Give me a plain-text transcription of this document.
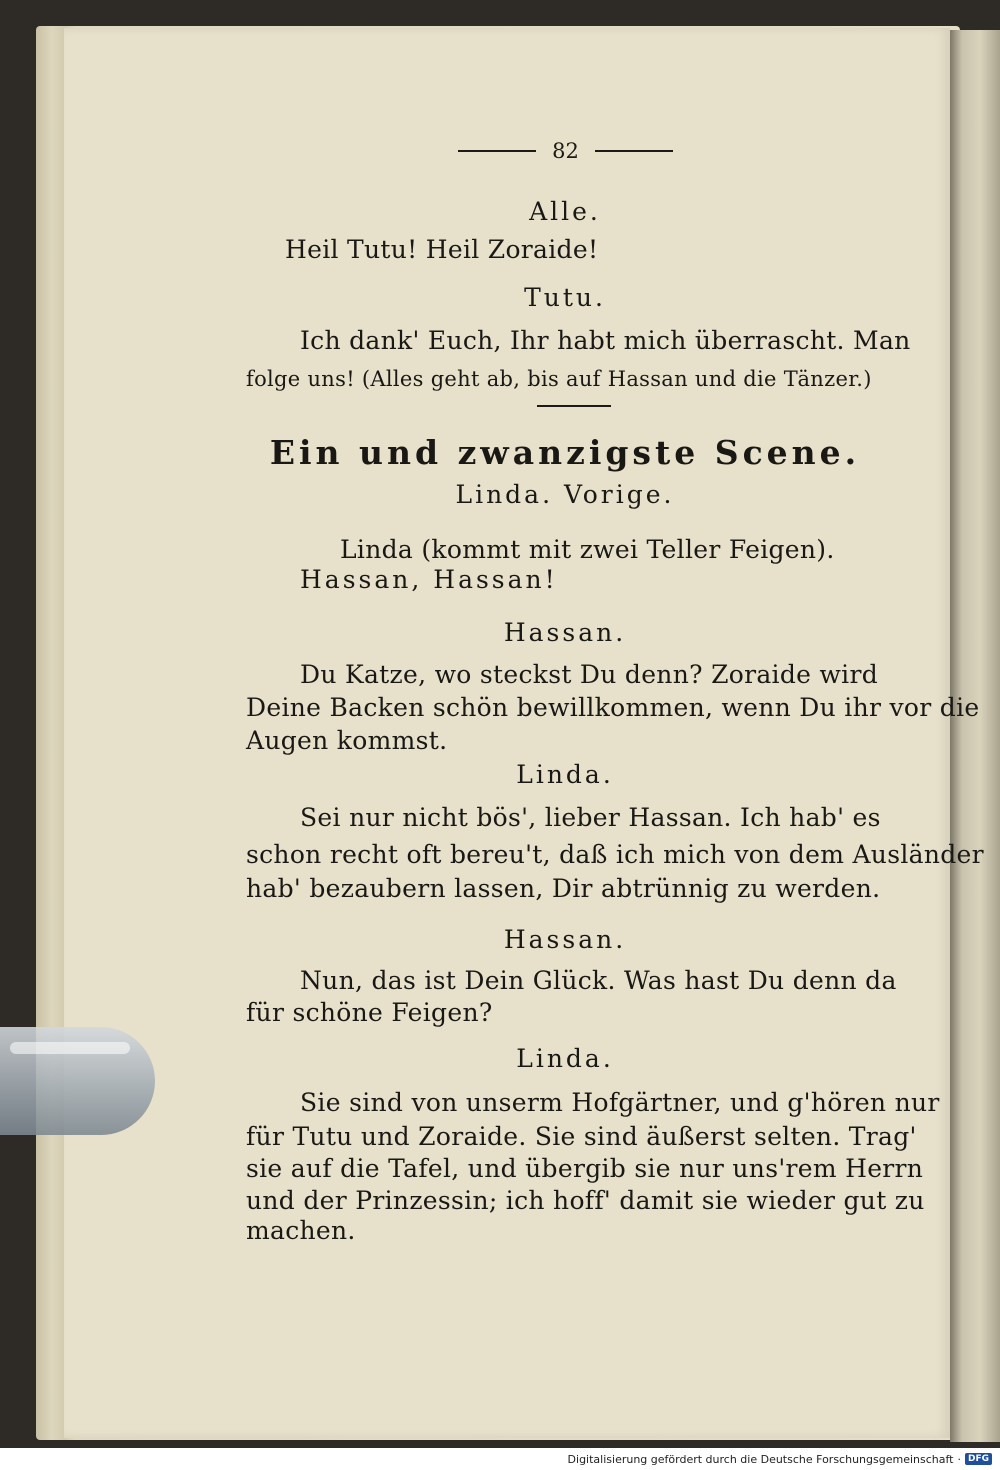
82
Alle.
Heil Tutu! Heil Zoraide!
Tutu.
Ich dank' Euch, Ihr habt mich überrascht. Man
folge uns! (Alles geht ab, bis auf Hassan und die Tänzer.)
Ein und zwanzigste Scene.
Linda. Vorige.
Linda (kommt mit zwei Teller Feigen).
Hassan, Hassan!
Hassan.
Du Katze, wo steckst Du denn? Zoraide wird
Deine Backen schön bewillkommen, wenn Du ihr vor die
Augen kommst.
Linda.
Sei nur nicht bös', lieber Hassan. Ich hab' es
schon recht oft bereu't, daß ich mich von dem Ausländer
hab' bezaubern lassen, Dir abtrünnig zu werden.
Hassan.
Nun, das ist Dein Glück. Was hast Du denn da
für schöne Feigen?
Linda.
Sie sind von unserm Hofgärtner, und g'hören nur
für Tutu und Zoraide. Sie sind äußerst selten. Trag'
sie auf die Tafel, und übergib sie nur uns'rem Herrn
und der Prinzessin; ich hoff' damit sie wieder gut zu
machen.
Digitalisierung gefördert durch die Deutsche Forschungsgemeinschaft · DFG
